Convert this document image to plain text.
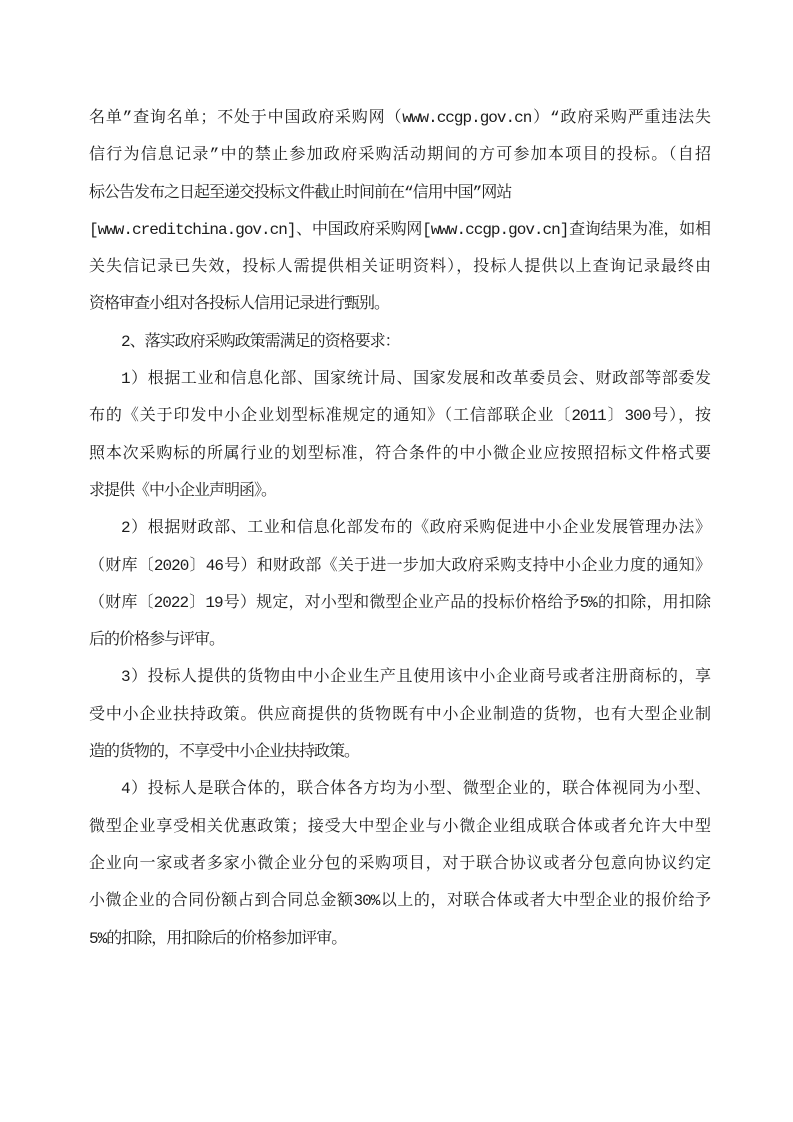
名单”查询名单；不处于中国政府采购网（www.ccgp.gov.cn）“政府采购严重违法失
信行为信息记录”中的禁止参加政府采购活动期间的方可参加本项目的投标。（自招
标公告发布之日起至递交投标文件截止时间前在“信用中国”网站
[www.creditchina.gov.cn]、中国政府采购网[www.ccgp.gov.cn]查询结果为准，如相
关失信记录已失效，投标人需提供相关证明资料），投标人提供以上查询记录最终由
资格审查小组对各投标人信用记录进行甄别。
2、落实政府采购政策需满足的资格要求：
1）根据工业和信息化部、国家统计局、国家发展和改革委员会、财政部等部委发
布的《关于印发中小企业划型标准规定的通知》（工信部联企业〔2011〕300号），按
照本次采购标的所属行业的划型标准，符合条件的中小微企业应按照招标文件格式要
求提供《中小企业声明函》。
2）根据财政部、工业和信息化部发布的《政府采购促进中小企业发展管理办法》
（财库〔2020〕46号）和财政部《关于进一步加大政府采购支持中小企业力度的通知》
（财库〔2022〕19号）规定，对小型和微型企业产品的投标价格给予5%的扣除，用扣除
后的价格参与评审。
3）投标人提供的货物由中小企业生产且使用该中小企业商号或者注册商标的，享
受中小企业扶持政策。供应商提供的货物既有中小企业制造的货物，也有大型企业制
造的货物的，不享受中小企业扶持政策。
4）投标人是联合体的，联合体各方均为小型、微型企业的，联合体视同为小型、
微型企业享受相关优惠政策；接受大中型企业与小微企业组成联合体或者允许大中型
企业向一家或者多家小微企业分包的采购项目，对于联合协议或者分包意向协议约定
小微企业的合同份额占到合同总金额30%以上的，对联合体或者大中型企业的报价给予
5%的扣除，用扣除后的价格参加评审。
